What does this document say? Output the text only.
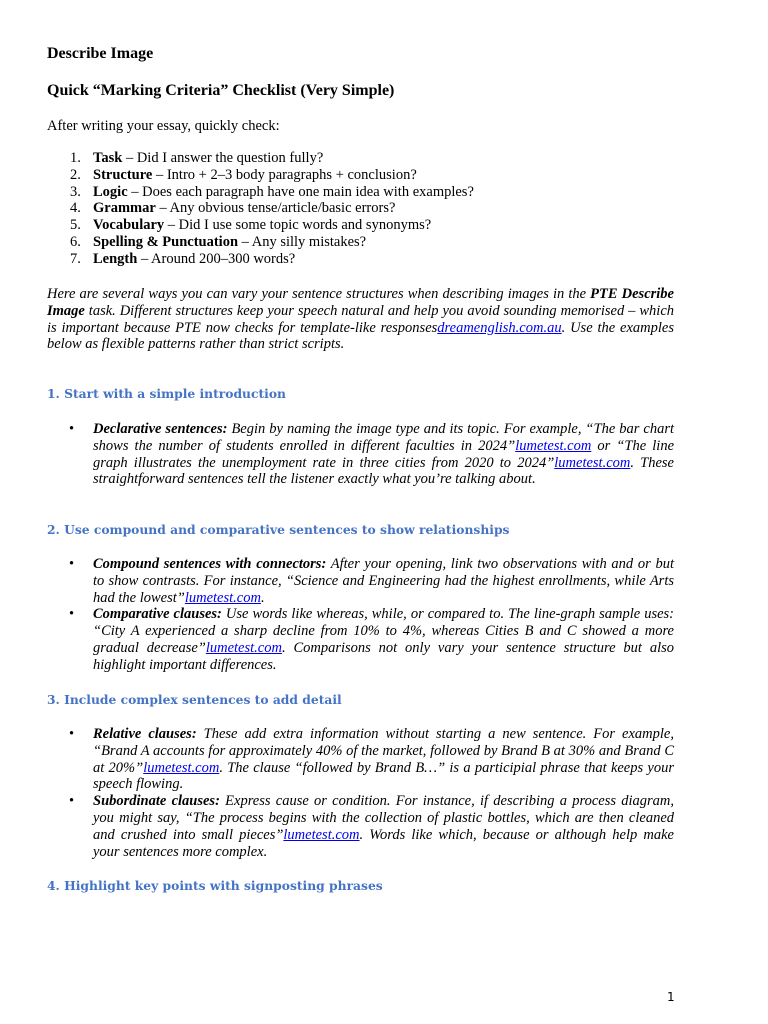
Describe Image
Quick “Marking Criteria” Checklist (Very Simple)

After writing your essay, quickly check:

1. Task – Did I answer the question fully?
2. Structure – Intro + 2–3 body paragraphs + conclusion?
3. Logic – Does each paragraph have one main idea with examples?
4. Grammar – Any obvious tense/article/basic errors?
5. Vocabulary – Did I use some topic words and synonyms?
6. Spelling & Punctuation – Any silly mistakes?
7. Length – Around 200–300 words?

Here are several ways you can vary your sentence structures when describing images in the PTE Describe Image task. Different structures keep your speech natural and help you avoid sounding memorised – which is important because PTE now checks for template-like responsesdreamenglish.com.au. Use the examples below as flexible patterns rather than strict scripts.

1. Start with a simple introduction
• Declarative sentences: Begin by naming the image type and its topic. For example, “The bar chart shows the number of students enrolled in different faculties in 2024”lumetest.com or “The line graph illustrates the unemployment rate in three cities from 2020 to 2024”lumetest.com. These straightforward sentences tell the listener exactly what you’re talking about.
2. Use compound and comparative sentences to show relationships
• Compound sentences with connectors: After your opening, link two observations with and or but to show contrasts. For instance, “Science and Engineering had the highest enrollments, while Arts had the lowest”lumetest.com.
• Comparative clauses: Use words like whereas, while, or compared to. The line-graph sample uses: “City A experienced a sharp decline from 10% to 4%, whereas Cities B and C showed a more gradual decrease”lumetest.com. Comparisons not only vary your sentence structure but also highlight important differences.
3. Include complex sentences to add detail
• Relative clauses: These add extra information without starting a new sentence. For example, “Brand A accounts for approximately 40% of the market, followed by Brand B at 30% and Brand C at 20%”lumetest.com. The clause “followed by Brand B…” is a participial phrase that keeps your speech flowing.
• Subordinate clauses: Express cause or condition. For instance, if describing a process diagram, you might say, “The process begins with the collection of plastic bottles, which are then cleaned and crushed into small pieces”lumetest.com. Words like which, because or although help make your sentences more complex.
4. Highlight key points with signposting phrases
1
